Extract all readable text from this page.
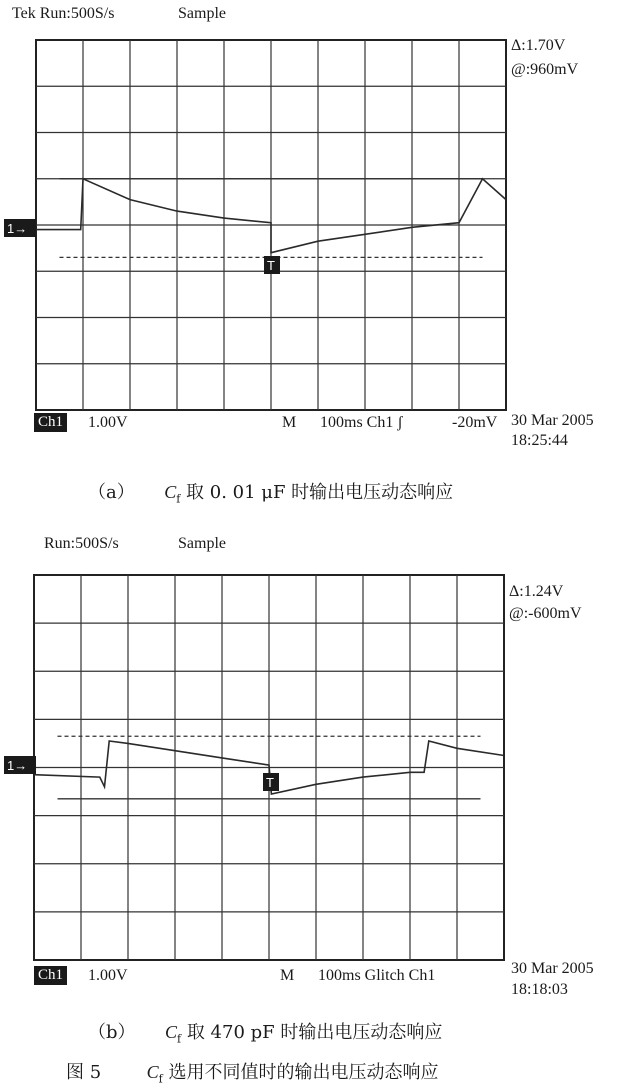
Tek Run:500S/s	Sample
Δ:1.70V
@:960mV
1→
T
Ch1 1.00V	M 100ms Ch1 ʃ	-20mV 30 Mar 2005
18:25:44
（a） $C_f$ 取 0. 01 μF 时输出电压动态响应
Run:500S/s	Sample
Δ:1.24V
@:-600mV
1→
T
Ch1 1.00V	M 100ms Glitch Ch1	30 Mar 2005
18:18:03
（b） $C_f$ 取 470 pF 时输出电压动态响应
图 5	$C_f$ 选用不同值时的输出电压动态响应
